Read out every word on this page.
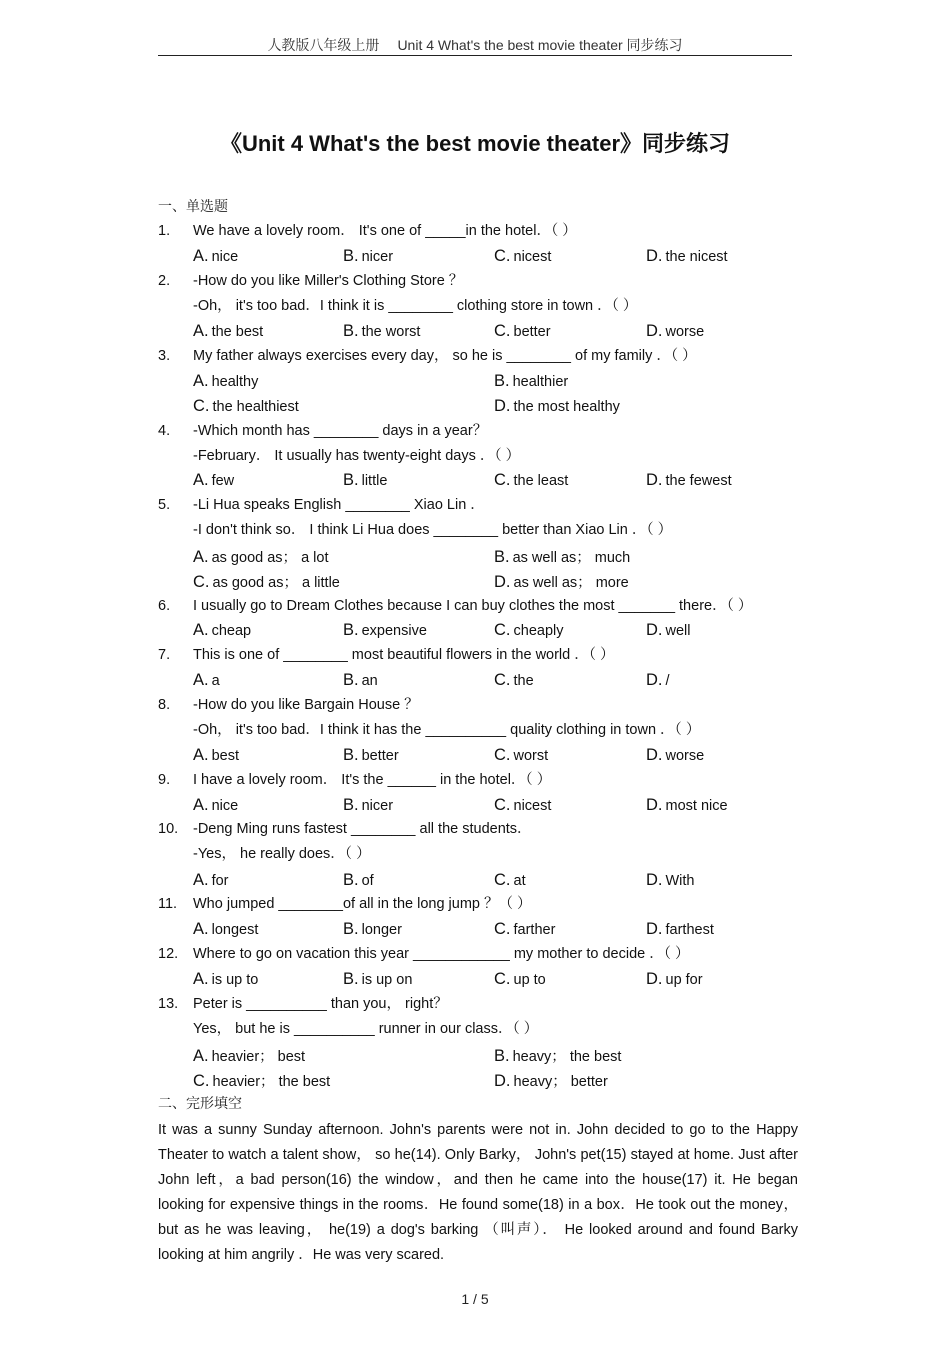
人教版八年级上册 Unit 4 What's the best movie theater 同步练习
《Unit 4 What's the best movie theater》同步练习
一、单选题
1. We have a lovely room． It's one of _____in the hotel．（ ）
A. nice	B. nicer	C. nicest	D. the nicest
2. -How do you like Miller's Clothing Store ？
-Oh， it's too bad．I think it is ________ clothing store in town ．（ ）
A. the best	B. the worst	C. better	D. worse
3. My father always exercises every day， so he is ________ of my family ．（ ）
A. healthy	B. healthier
C. the healthiest	D. the most healthy
4. -Which month has ________ days in a year？
-February． It usually has twenty-eight days ．（ ）
A. few	B. little	C. the least	D. the fewest
5. -Li Hua speaks English ________ Xiao Lin ．
-I don't think so． I think Li Hua does ________ better than Xiao Lin ．（ ）
A. as good as； a lot	B. as well as； much
C. as good as； a little	D. as well as； more
6. I usually go to Dream Clothes because I can buy clothes the most _______ there．（ ）
A. cheap	B. expensive	C. cheaply	D. well
7. This is one of ________ most beautiful flowers in the world ．（ ）
A. a	B. an	C. the	D. /
8. -How do you like Bargain House ？
-Oh， it's too bad．I think it has the __________ quality clothing in town ．（ ）
A. best	B. better	C. worst	D. worse
9. I have a lovely room． It's the ______ in the hotel．（ ）
A. nice	B. nicer	C. nicest	D. most nice
10. -Deng Ming runs fastest ________ all the students．
-Yes， he really does．（ ）
A. for	B. of	C. at	D. With
11. Who jumped ________of all in the long jump ？（ ）
A. longest	B. longer	C. farther	D. farthest
12. Where to go on vacation this year ____________ my mother to decide ．（ ）
A. is up to	B. is up on	C. up to	D. up for
13. Peter is __________ than you， right？
Yes， but he is __________ runner in our class．（ ）
A. heavier； best	B. heavy； the best
C. heavier； the best	D. heavy； better
二、完形填空

It was a sunny Sunday afternoon. John's parents were not in. John decided to go to the Happy Theater to watch a talent show， so he(14). Only Barky， John's pet(15) stayed at home. Just after John left，a bad person(16) the window，and then he came into the house(17) it. He began looking for expensive things in the rooms．He found some(18) in a box．He took out the money，but as he was leaving， he(19) a dog's barking （叫声）． He looked around and found Barky looking at him angrily ．He was very scared.

1 / 5
